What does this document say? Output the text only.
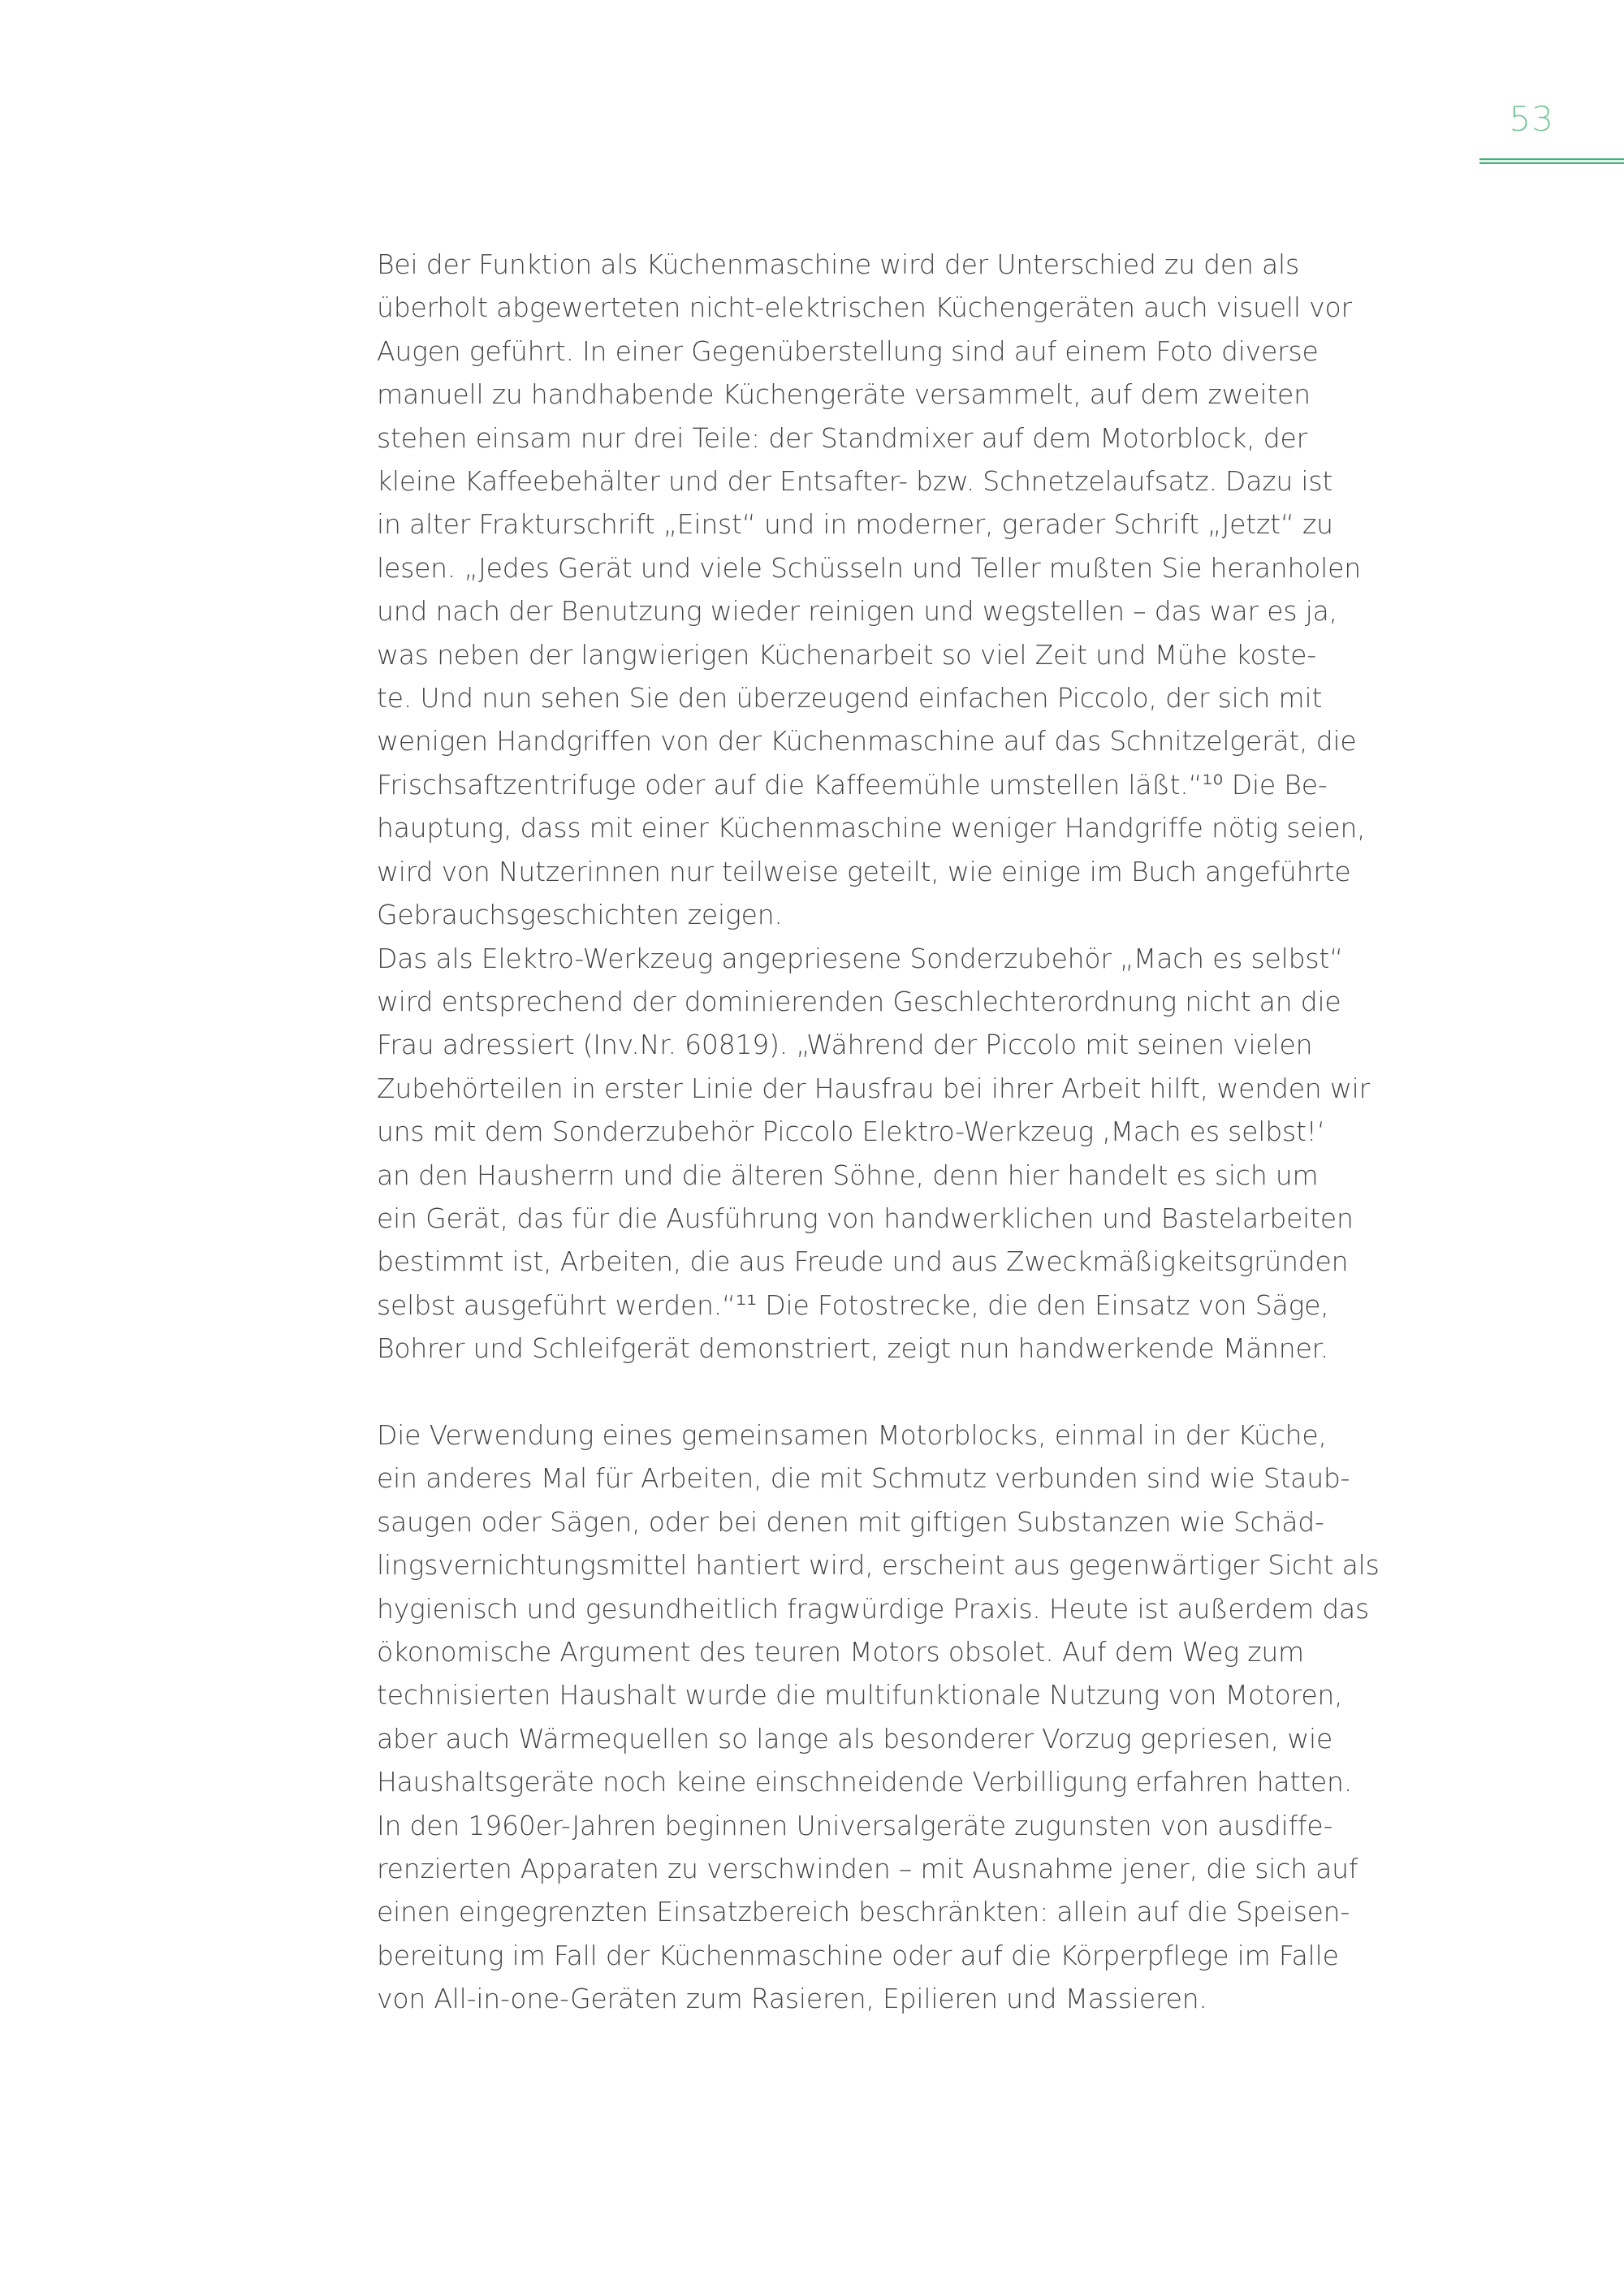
53
Bei der Funktion als Küchenmaschine wird der Unterschied zu den als
überholt abgewerteten nicht-elektrischen Küchengeräten auch visuell vor
Augen geführt. In einer Gegenüberstellung sind auf einem Foto diverse
manuell zu handhabende Küchengeräte versammelt, auf dem zweiten
stehen einsam nur drei Teile: der Standmixer auf dem Motorblock, der
kleine Kaffeebehälter und der Entsafter- bzw. Schnetzelaufsatz. Dazu ist
in alter Frakturschrift „Einst“ und in moderner, gerader Schrift „Jetzt“ zu
lesen. „Jedes Gerät und viele Schüsseln und Teller mußten Sie heranholen
und nach der Benutzung wieder reinigen und wegstellen – das war es ja,
was neben der langwierigen Küchenarbeit so viel Zeit und Mühe koste-
te. Und nun sehen Sie den überzeugend einfachen Piccolo, der sich mit
wenigen Handgriffen von der Küchenmaschine auf das Schnitzelgerät, die
Frischsaftzentrifuge oder auf die Kaffeemühle umstellen läßt.“¹⁰ Die Be-
hauptung, dass mit einer Küchenmaschine weniger Handgriffe nötig seien,
wird von Nutzerinnen nur teilweise geteilt, wie einige im Buch angeführte
Gebrauchsgeschichten zeigen.
Das als Elektro-Werkzeug angepriesene Sonderzubehör „Mach es selbst“
wird entsprechend der dominierenden Geschlechterordnung nicht an die
Frau adressiert (Inv.Nr. 60819). „Während der Piccolo mit seinen vielen
Zubehörteilen in erster Linie der Hausfrau bei ihrer Arbeit hilft, wenden wir
uns mit dem Sonderzubehör Piccolo Elektro-Werkzeug ‚Mach es selbst!‘
an den Hausherrn und die älteren Söhne, denn hier handelt es sich um
ein Gerät, das für die Ausführung von handwerklichen und Bastelarbeiten
bestimmt ist, Arbeiten, die aus Freude und aus Zweckmäßigkeitsgründen
selbst ausgeführt werden.“¹¹ Die Fotostrecke, die den Einsatz von Säge,
Bohrer und Schleifgerät demonstriert, zeigt nun handwerkende Männer.
Die Verwendung eines gemeinsamen Motorblocks, einmal in der Küche,
ein anderes Mal für Arbeiten, die mit Schmutz verbunden sind wie Staub-
saugen oder Sägen, oder bei denen mit giftigen Substanzen wie Schäd-
lingsvernichtungsmittel hantiert wird, erscheint aus gegenwärtiger Sicht als
hygienisch und gesundheitlich fragwürdige Praxis. Heute ist außerdem das
ökonomische Argument des teuren Motors obsolet. Auf dem Weg zum
technisierten Haushalt wurde die multifunktionale Nutzung von Motoren,
aber auch Wärmequellen so lange als besonderer Vorzug gepriesen, wie
Haushaltsgeräte noch keine einschneidende Verbilligung erfahren hatten.
In den 1960er-Jahren beginnen Universalgeräte zugunsten von ausdiffe-
renzierten Apparaten zu verschwinden – mit Ausnahme jener, die sich auf
einen eingegrenzten Einsatzbereich beschränkten: allein auf die Speisen-
bereitung im Fall der Küchenmaschine oder auf die Körperpflege im Falle
von All-in-one-Geräten zum Rasieren, Epilieren und Massieren.
